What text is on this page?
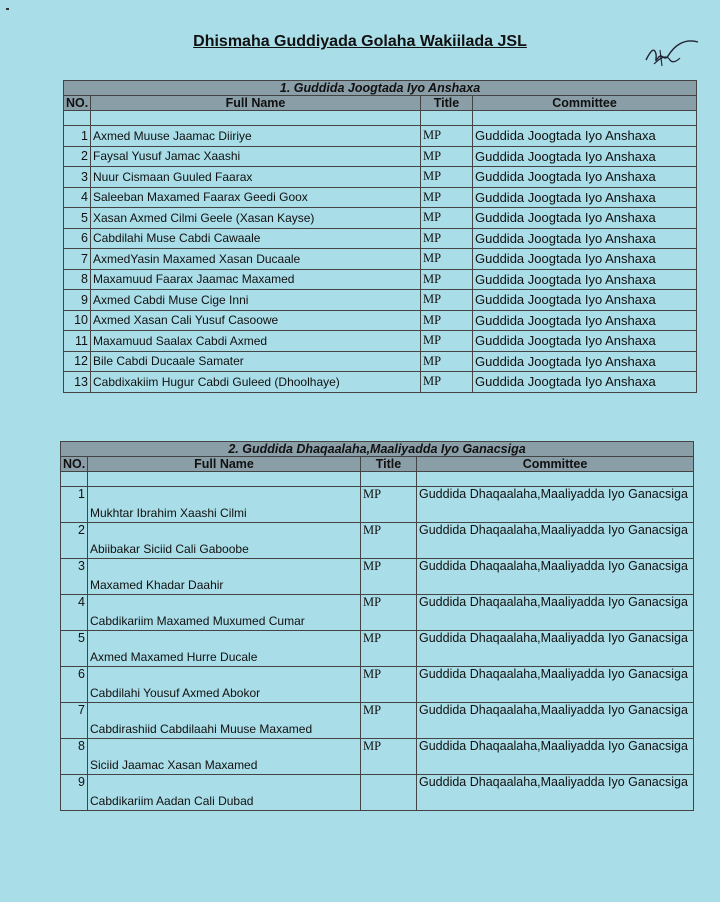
Dhismaha Guddiyada Golaha Wakiilada JSL
1. Guddida Joogtada Iyo Anshaxa			
NO.	Full Name	Title	Committee

1	Axmed Muuse Jaamac Diiriye	MP	Guddida Joogtada Iyo Anshaxa
2	Faysal Yusuf Jamac Xaashi	MP	Guddida Joogtada Iyo Anshaxa
3	Nuur Cismaan Guuled Faarax	MP	Guddida Joogtada Iyo Anshaxa
4	Saleeban Maxamed Faarax Geedi Goox	MP	Guddida Joogtada Iyo Anshaxa
5	Xasan Axmed Cilmi Geele (Xasan Kayse)	MP	Guddida Joogtada Iyo Anshaxa
6	Cabdilahi Muse Cabdi Cawaale	MP	Guddida Joogtada Iyo Anshaxa
7	AxmedYasin Maxamed Xasan Ducaale	MP	Guddida Joogtada Iyo Anshaxa
8	Maxamuud Faarax Jaamac Maxamed	MP	Guddida Joogtada Iyo Anshaxa
9	Axmed Cabdi Muse Cige Inni	MP	Guddida Joogtada Iyo Anshaxa
10	Axmed Xasan Cali Yusuf Casoowe	MP	Guddida Joogtada Iyo Anshaxa
11	Maxamuud Saalax Cabdi Axmed	MP	Guddida Joogtada Iyo Anshaxa
12	Bile Cabdi Ducaale Samater	MP	Guddida Joogtada Iyo Anshaxa
13	Cabdixakiim Hugur Cabdi Guleed (Dhoolhaye)	MP	Guddida Joogtada Iyo Anshaxa
2. Guddida Dhaqaalaha,Maaliyadda Iyo Ganacsiga			
NO.	Full Name	Title	Committee

1	Mukhtar Ibrahim Xaashi Cilmi	MP	Guddida Dhaqaalaha,Maaliyadda Iyo Ganacsiga
2	Abiibakar Siciid Cali Gaboobe	MP	Guddida Dhaqaalaha,Maaliyadda Iyo Ganacsiga
3	Maxamed Khadar Daahir	MP	Guddida Dhaqaalaha,Maaliyadda Iyo Ganacsiga
4	Cabdikariim Maxamed Muxumed Cumar	MP	Guddida Dhaqaalaha,Maaliyadda Iyo Ganacsiga
5	Axmed Maxamed Hurre Ducale	MP	Guddida Dhaqaalaha,Maaliyadda Iyo Ganacsiga
6	Cabdilahi Yousuf Axmed Abokor	MP	Guddida Dhaqaalaha,Maaliyadda Iyo Ganacsiga
7	Cabdirashiid Cabdilaahi Muuse Maxamed	MP	Guddida Dhaqaalaha,Maaliyadda Iyo Ganacsiga
8	Siciid Jaamac Xasan Maxamed	MP	Guddida Dhaqaalaha,Maaliyadda Iyo Ganacsiga
9	Cabdikariim Aadan Cali Dubad		Guddida Dhaqaalaha,Maaliyadda Iyo Ganacsiga
